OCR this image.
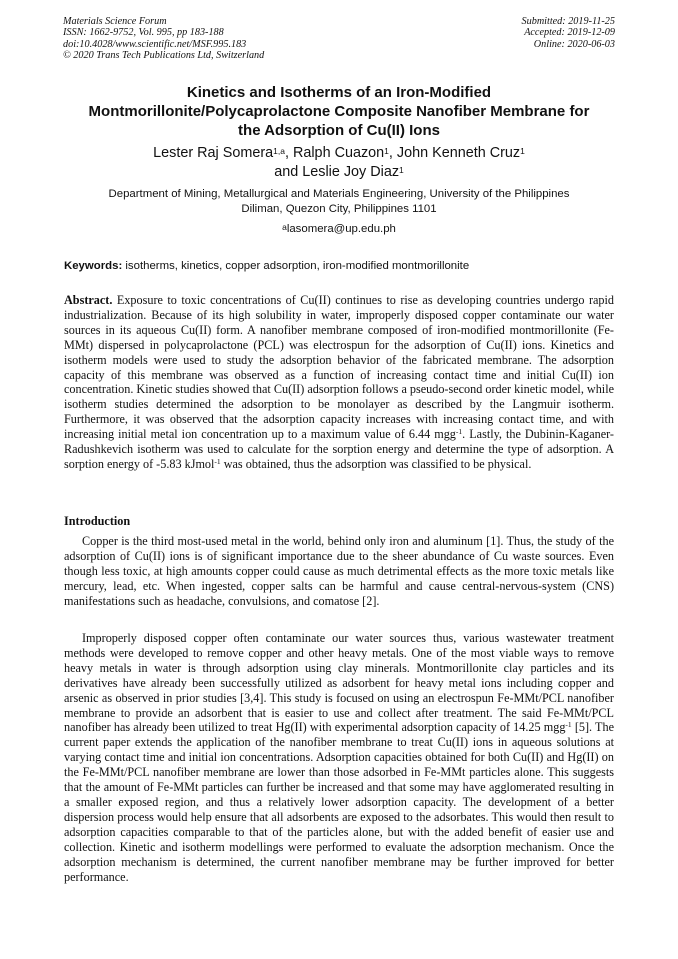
Materials Science Forum
ISSN: 1662-9752, Vol. 995, pp 183-188
doi:10.4028/www.scientific.net/MSF.995.183
© 2020 Trans Tech Publications Ltd, Switzerland
Submitted: 2019-11-25
Accepted: 2019-12-09
Online: 2020-06-03
Kinetics and Isotherms of an Iron-Modified
Montmorillonite/Polycaprolactone Composite Nanofiber Membrane for
the Adsorption of Cu(II) Ions
Lester Raj Somera$^{1,a}$, Ralph Cuazon$^1$, John Kenneth Cruz$^1$
and Leslie Joy Diaz$^1$
Department of Mining, Metallurgical and Materials Engineering, University of the Philippines
Diliman, Quezon City, Philippines 1101
$^a$lasomera@up.edu.ph
Keywords: isotherms, kinetics, copper adsorption, iron-modified montmorillonite
Abstract. Exposure to toxic concentrations of Cu(II) continues to rise as developing countries undergo rapid industrialization. Because of its high solubility in water, improperly disposed copper contaminate our water sources in its aqueous Cu(II) form. A nanofiber membrane composed of iron-modified montmorillonite (Fe-MMt) dispersed in polycaprolactone (PCL) was electrospun for the adsorption of Cu(II) ions. Kinetics and isotherm models were used to study the adsorption behavior of the fabricated membrane. The adsorption capacity of this membrane was observed as a function of increasing contact time and initial Cu(II) ion concentration. Kinetic studies showed that Cu(II) adsorption follows a pseudo-second order kinetic model, while isotherm studies determined the adsorption to be monolayer as described by the Langmuir isotherm. Furthermore, it was observed that the adsorption capacity increases with increasing contact time, and with increasing initial metal ion concentration up to a maximum value of 6.44 mgg$^{-1}$. Lastly, the Dubinin-Kaganer-Radushkevich isotherm was used to calculate for the sorption energy and determine the type of adsorption. A sorption energy of -5.83 kJmol$^{-1}$ was obtained, thus the adsorption was classified to be physical.
Introduction
Copper is the third most-used metal in the world, behind only iron and aluminum [1]. Thus, the study of the adsorption of Cu(II) ions is of significant importance due to the sheer abundance of Cu waste sources. Even though less toxic, at high amounts copper could cause as much detrimental effects as the more toxic metals like mercury, lead, etc. When ingested, copper salts can be harmful and cause central-nervous-system (CNS) manifestations such as headache, convulsions, and comatose [2].
Improperly disposed copper often contaminate our water sources thus, various wastewater treatment methods were developed to remove copper and other heavy metals. One of the most viable ways to remove heavy metals in water is through adsorption using clay minerals. Montmorillonite clay particles and its derivatives have already been successfully utilized as adsorbent for heavy metal ions including copper and arsenic as observed in prior studies [3,4]. This study is focused on using an electrospun Fe-MMt/PCL nanofiber membrane to provide an adsorbent that is easier to use and collect after treatment. The said Fe-MMt/PCL nanofiber has already been utilized to treat Hg(II) with experimental adsorption capacity of 14.25 mgg$^{-1}$ [5]. The current paper extends the application of the nanofiber membrane to treat Cu(II) ions in aqueous solutions at varying contact time and initial ion concentrations. Adsorption capacities obtained for both Cu(II) and Hg(II) on the Fe-MMt/PCL nanofiber membrane are lower than those adsorbed in Fe-MMt particles alone. This suggests that the amount of Fe-MMt particles can further be increased and that some may have agglomerated resulting in a smaller exposed region, and thus a relatively lower adsorption capacity. The development of a better dispersion process would help ensure that all adsorbents are exposed to the adsorbates. This would then result to adsorption capacities comparable to that of the particles alone, but with the added benefit of easier use and collection. Kinetic and isotherm modellings were performed to evaluate the adsorption mechanism. Once the adsorption mechanism is determined, the current nanofiber membrane may be further improved for better performance.
